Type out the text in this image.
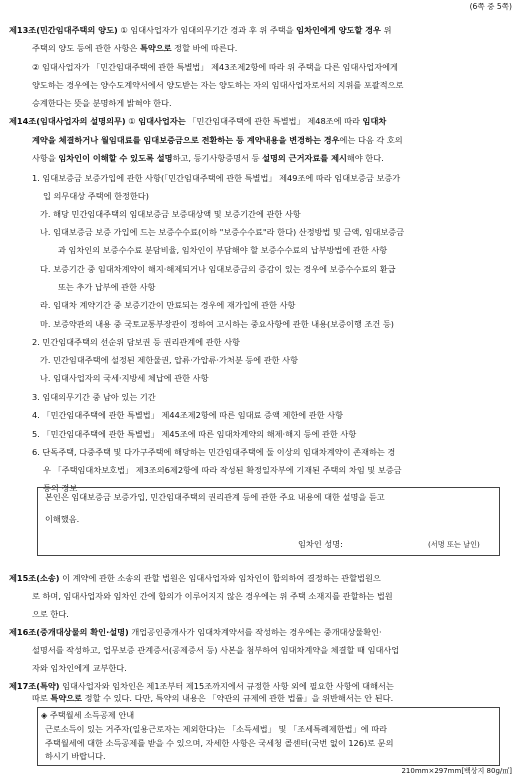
(6쪽 중 5쪽)
제13조(민간임대주택의 양도) ① 임대사업자가 임대의무기간 경과 후 위 주택을 임차인에게 양도할 경우 위
주택의 양도 등에 관한 사항은 특약으로 정할 바에 따른다.
② 임대사업자가 「민간임대주택에 관한 특별법」 제43조제2항에 따라 위 주택을 다른 임대사업자에게
양도하는 경우에는 양수도계약서에서 양도받는 자는 양도하는 자의 임대사업자로서의 지위를 포괄적으로
승계한다는 뜻을 분명하게 밝혀야 한다.
제14조(임대사업자의 설명의무) ① 임대사업자는 「민간임대주택에 관한 특별법」 제48조에 따라 임대차
계약을 체결하거나 월임대료를 임대보증금으로 전환하는 등 계약내용을 변경하는 경우에는 다음 각 호의
사항을 임차인이 이해할 수 있도록 설명하고, 등기사항증명서 등 설명의 근거자료를 제시해야 한다.
1. 임대보증금 보증가입에 관한 사항(「민간임대주택에 관한 특별법」 제49조에 따라 임대보증금 보증가
입 의무대상 주택에 한정한다)
가. 해당 민간임대주택의 임대보증금 보증대상액 및 보증기간에 관한 사항
나. 임대보증금 보증 가입에 드는 보증수수료(이하 "보증수수료"라 한다) 산정방법 및 금액, 임대보증금
과 임차인의 보증수수료 분담비율, 임차인이 부담해야 할 보증수수료의 납부방법에 관한 사항
다. 보증기간 중 임대차계약이 해지·해제되거나 임대보증금의 증감이 있는 경우에 보증수수료의 환급
또는 추가 납부에 관한 사항
라. 임대차 계약기간 중 보증기간이 만료되는 경우에 재가입에 관한 사항
마. 보증약관의 내용 중 국토교통부장관이 정하여 고시하는 중요사항에 관한 내용(보증이행 조건 등)
2. 민간임대주택의 선순위 담보권 등 권리관계에 관한 사항
가. 민간임대주택에 설정된 제한물권, 압류·가압류·가처분 등에 관한 사항
나. 임대사업자의 국세·지방세 체납에 관한 사항
3. 임대의무기간 중 남아 있는 기간
4. 「민간임대주택에 관한 특별법」 제44조제2항에 따른 임대료 증액 제한에 관한 사항
5. 「민간임대주택에 관한 특별법」 제45조에 따른 임대차계약의 해제·해지 등에 관한 사항
6. 단독주택, 다중주택 및 다가구주택에 해당하는 민간임대주택에 둘 이상의 임대차계약이 존재하는 경
우 「주택임대차보호법」 제3조의6제2항에 따라 작성된 확정일자부에 기재된 주택의 차임 및 보증금
등의 정보
본인은 임대보증금 보증가입, 민간임대주택의 권리관계 등에 관한 주요 내용에 대한 설명을 듣고
이해했음.
임차인 성명:	(서명 또는 날인)
제15조(소송) 이 계약에 관한 소송의 관할 법원은 임대사업자와 임차인이 합의하여 결정하는 관할법원으
로 하며, 임대사업자와 임차인 간에 합의가 이루어지지 않은 경우에는 위 주택 소재지를 관할하는 법원
으로 한다.
제16조(중개대상물의 확인·설명) 개업공인중개사가 임대차계약서를 작성하는 경우에는 중개대상물확인·
설명서를 작성하고, 업무보증 관계증서(공제증서 등) 사본을 첨부하여 임대차계약을 체결할 때 임대사업
자와 임차인에게 교부한다.
제17조(특약) 임대사업자와 임차인은 제1조부터 제15조까지에서 규정한 사항 외에 필요한 사항에 대해서는
따로 특약으로 정할 수 있다. 다만, 특약의 내용은 「약관의 규제에 관한 법률」을 위반해서는 안 된다.
◈ 주택월세 소득공제 안내
근로소득이 있는 거주자(일용근로자는 제외한다)는 「소득세법」 및 「조세특례제한법」에 따라
주택월세에 대한 소득공제를 받을 수 있으며, 자세한 사항은 국세청 콜센터(국번 없이 126)로 문의
하시기 바랍니다.
210mm×297mm[백상지 80g/㎡]
